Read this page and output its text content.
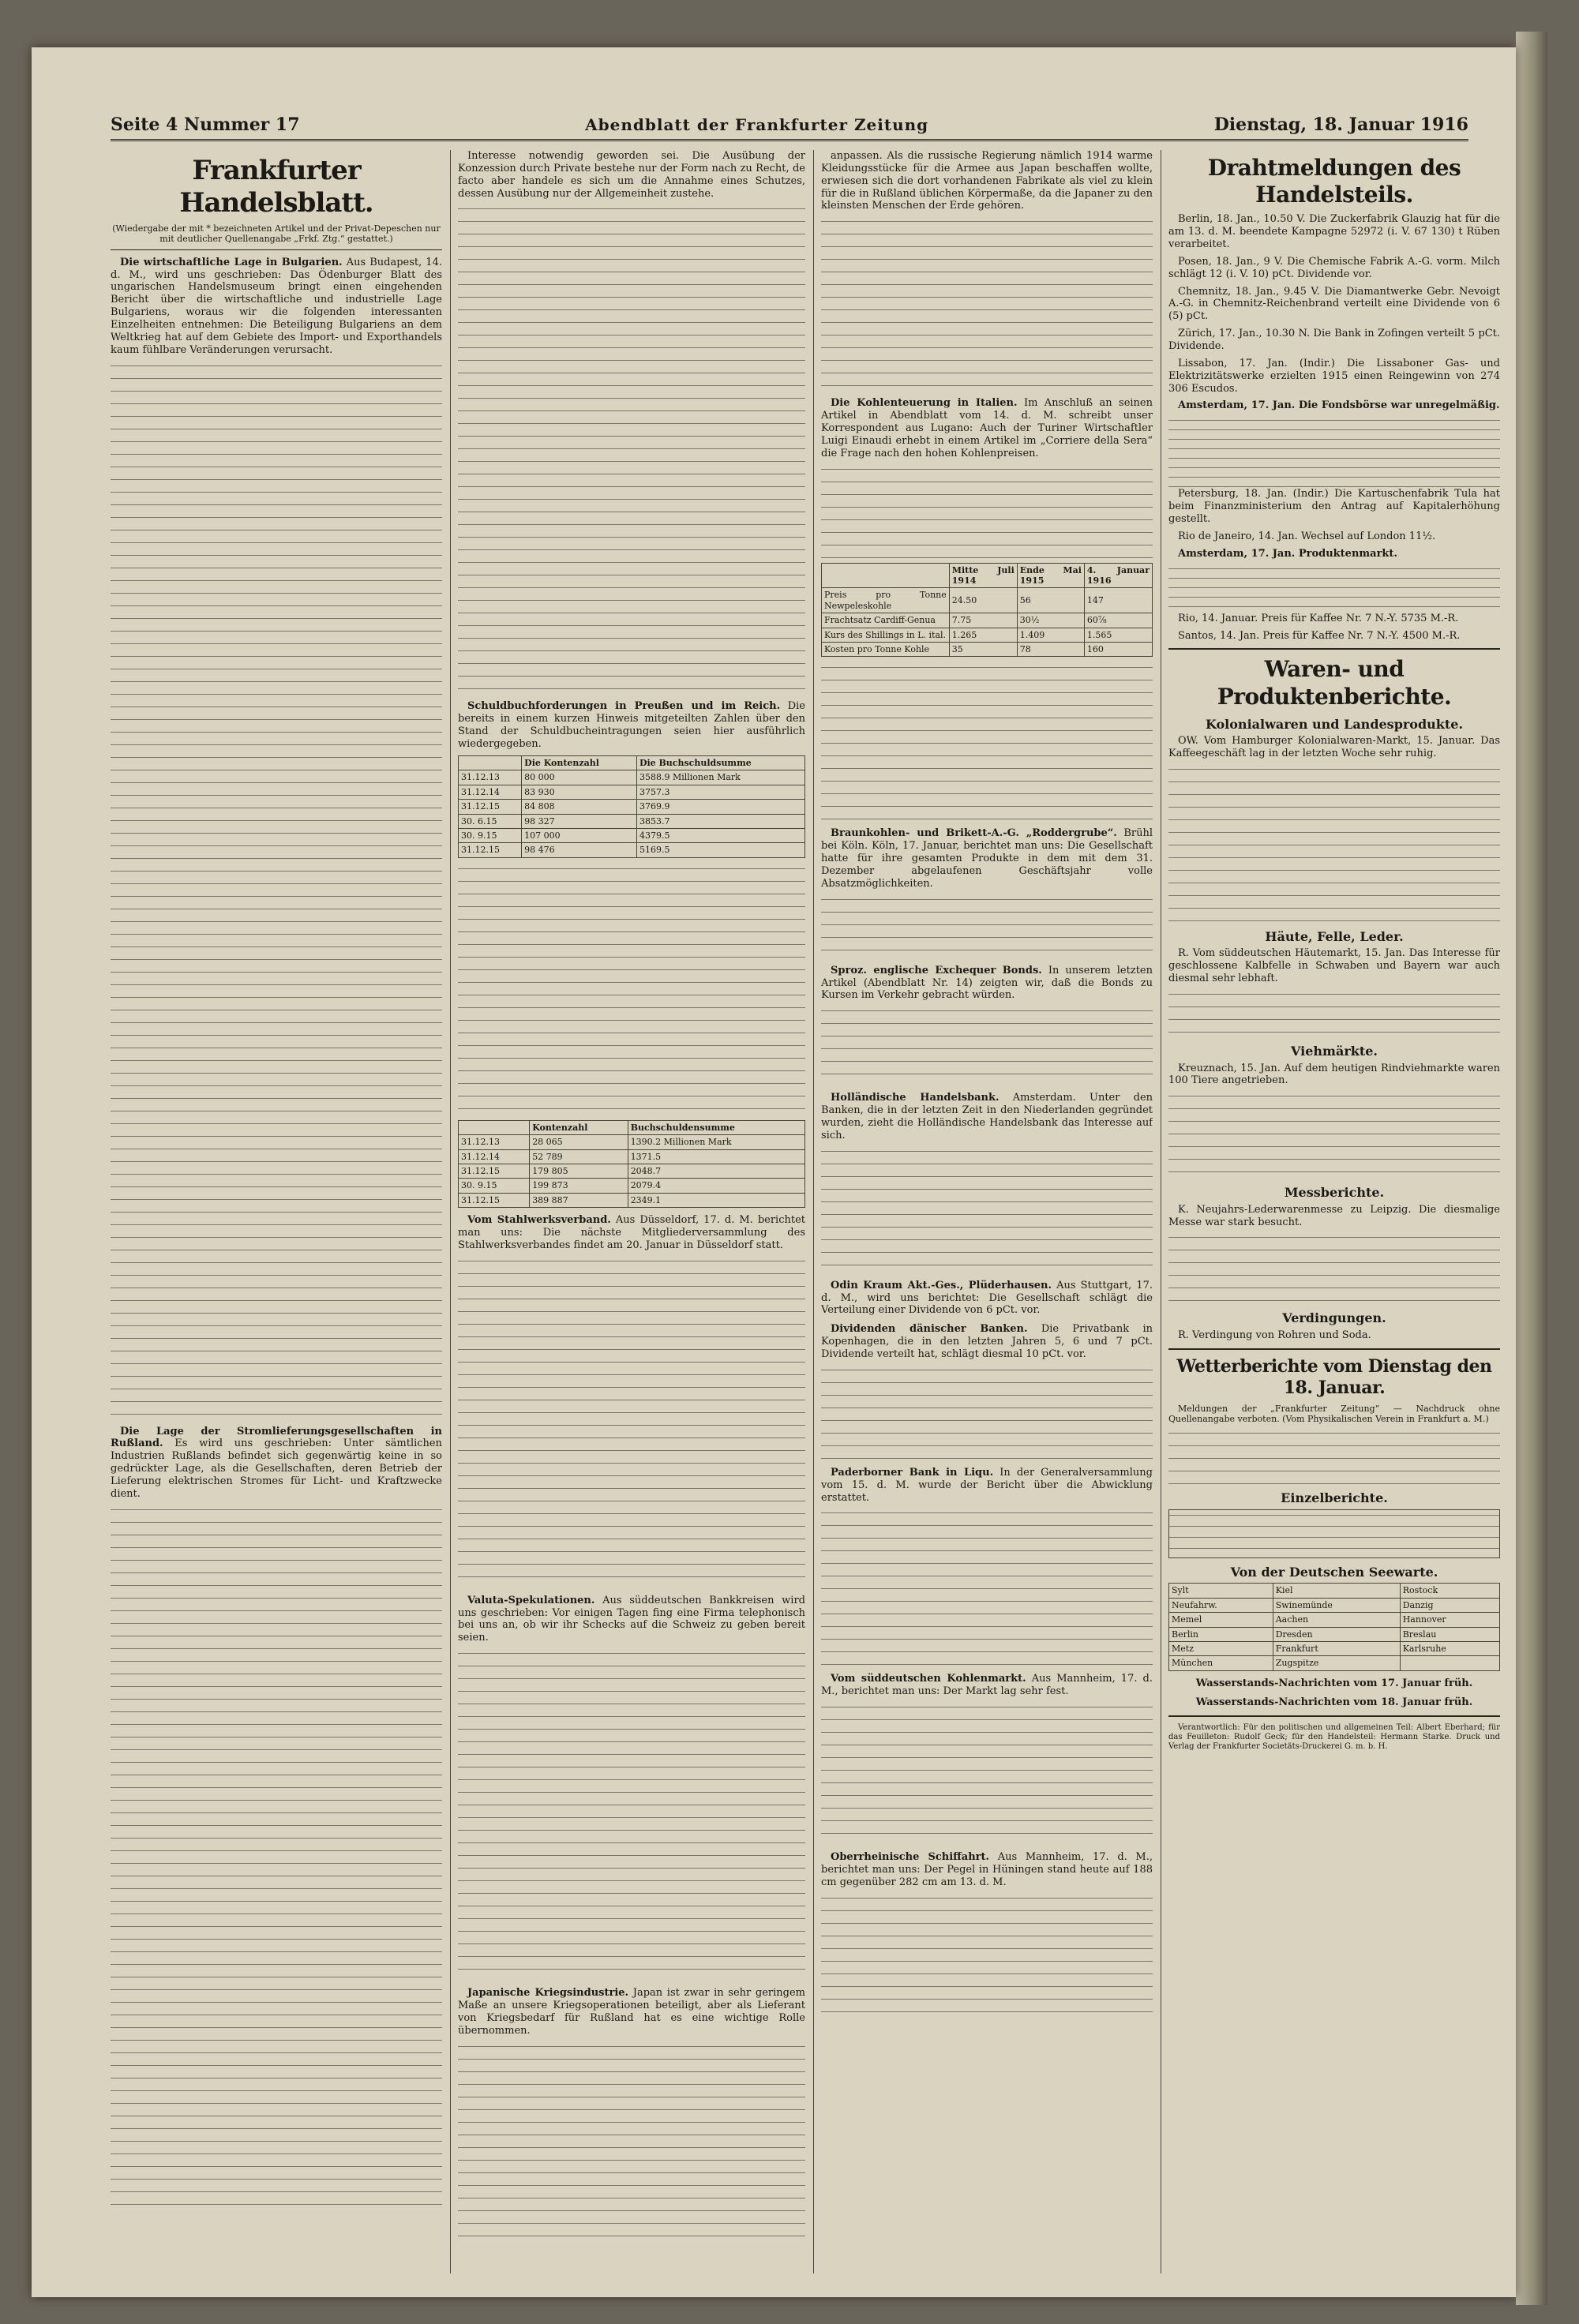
Seite 4 Nummer 17	Abendblatt der Frankfurter Zeitung	Dienstag, 18. Januar 1916
Frankfurter Handelsblatt.
(Wiedergabe der mit * bezeichneten Artikel und der Privat-Depeschen nur mit deutlicher Quellenangabe „Frkf. Ztg.“ gestattet.)

Die wirtschaftliche Lage in Bulgarien. Aus Budapest, 14. d. M., wird uns geschrieben: Das Ödenburger Blatt des ungarischen Handelsmuseum bringt einen eingehenden Bericht über die wirtschaftliche und industrielle Lage Bulgariens, woraus wir die folgenden interessanten Einzelheiten entnehmen: Die Beteiligung Bulgariens an dem Weltkrieg hat auf dem Gebiete des Import- und Exporthandels kaum fühlbare Veränderungen verursacht.

Die Lage der Stromlieferungsgesellschaften in Rußland. Es wird uns geschrieben: Unter sämtlichen Industrien Rußlands befindet sich gegenwärtig keine in so gedrückter Lage, als die Gesellschaften, deren Betrieb der Lieferung elektrischen Stromes für Licht- und Kraftzwecke dient.

Interesse notwendig geworden sei. Die Ausübung der Konzession durch Private bestehe nur der Form nach zu Recht, de facto aber handele es sich um die Annahme eines Schutzes, dessen Ausübung nur der Allgemeinheit zustehe.

Schuldbuchforderungen in Preußen und im Reich. Die bereits in einem kurzen Hinweis mitgeteilten Zahlen über den Stand der Schuldbucheintragungen seien hier ausführlich wiedergegeben.

	Die Kontenzahl	Die Buchschuldsumme
31.12.13	80 000	3588.9 Millionen Mark
31.12.14	83 930	3757.3
31.12.15	84 808	3769.9
30. 6.15	98 327	3853.7
30. 9.15	107 000	4379.5
31.12.15	98 476	5169.5
	Kontenzahl	Buchschuldensumme
31.12.13	28 065	1390.2 Millionen Mark
31.12.14	52 789	1371.5
31.12.15	179 805	2048.7
30. 9.15	199 873	2079.4
31.12.15	389 887	2349.1

Vom Stahlwerksverband. Aus Düsseldorf, 17. d. M. berichtet man uns: Die nächste Mitgliederversammlung des Stahlwerksverbandes findet am 20. Januar in Düsseldorf statt.

Valuta-Spekulationen. Aus süddeutschen Bankkreisen wird uns geschrieben: Vor einigen Tagen fing eine Firma telephonisch bei uns an, ob wir ihr Schecks auf die Schweiz zu geben bereit seien.

Japanische Kriegsindustrie. Japan ist zwar in sehr geringem Maße an unsere Kriegsoperationen beteiligt, aber als Lieferant von Kriegsbedarf für Rußland hat es eine wichtige Rolle übernommen.

anpassen. Als die russische Regierung nämlich 1914 warme Kleidungsstücke für die Armee aus Japan beschaffen wollte, erwiesen sich die dort vorhandenen Fabrikate als viel zu klein für die in Rußland üblichen Körpermaße, da die Japaner zu den kleinsten Menschen der Erde gehören.

Die Kohlenteuerung in Italien. Im Anschluß an seinen Artikel in Abendblatt vom 14. d. M. schreibt unser Korrespondent aus Lugano: Auch der Turiner Wirtschaftler Luigi Einaudi erhebt in einem Artikel im „Corriere della Sera“ die Frage nach den hohen Kohlenpreisen.

	Mitte Juli 1914	Ende Mai 1915	4. Januar 1916
Preis pro Tonne Newpeleskohle	24.50	56	147
Frachtsatz Cardiff-Genua	7.75	30½	60⅞
Kurs des Shillings in L. ital.	1.265	1.409	1.565
Kosten pro Tonne Kohle	35	78	160

Braunkohlen- und Brikett-A.-G. „Roddergrube“. Brühl bei Köln. Köln, 17. Januar, berichtet man uns: Die Gesellschaft hatte für ihre gesamten Produkte in dem mit dem 31. Dezember abgelaufenen Geschäftsjahr volle Absatzmöglichkeiten.

Sproz. englische Exchequer Bonds. In unserem letzten Artikel (Abendblatt Nr. 14) zeigten wir, daß die Bonds zu Kursen im Verkehr gebracht würden.

Holländische Handelsbank. Amsterdam. Unter den Banken, die in der letzten Zeit in den Niederlanden gegründet wurden, zieht die Holländische Handelsbank das Interesse auf sich.

Odin Kraum Akt.-Ges., Plüderhausen. Aus Stuttgart, 17. d. M., wird uns berichtet: Die Gesellschaft schlägt die Verteilung einer Dividende von 6 pCt. vor.

Dividenden dänischer Banken. Die Privatbank in Kopenhagen, die in den letzten Jahren 5, 6 und 7 pCt. Dividende verteilt hat, schlägt diesmal 10 pCt. vor.

Paderborner Bank in Liqu. In der Generalversammlung vom 15. d. M. wurde der Bericht über die Abwicklung erstattet.

Vom süddeutschen Kohlenmarkt. Aus Mannheim, 17. d. M., berichtet man uns: Der Markt lag sehr fest.

Oberrheinische Schiffahrt. Aus Mannheim, 17. d. M., berichtet man uns: Der Pegel in Hüningen stand heute auf 188 cm gegenüber 282 cm am 13. d. M.

Drahtmeldungen des Handelsteils.

Berlin, 18. Jan., 10.50 V. Die Zuckerfabrik Glauzig hat für die am 13. d. M. beendete Kampagne 52972 (i. V. 67 130) t Rüben verarbeitet.

Posen, 18. Jan., 9 V. Die Chemische Fabrik A.-G. vorm. Milch schlägt 12 (i. V. 10) pCt. Dividende vor.

Chemnitz, 18. Jan., 9.45 V. Die Diamantwerke Gebr. Nevoigt A.-G. in Chemnitz-Reichenbrand verteilt eine Dividende von 6 (5) pCt.

Zürich, 17. Jan., 10.30 N. Die Bank in Zofingen verteilt 5 pCt. Dividende.

Lissabon, 17. Jan. (Indir.) Die Lissaboner Gas- und Elektrizitätswerke erzielten 1915 einen Reingewinn von 274 306 Escudos.

Amsterdam, 17. Jan. Die Fondsbörse war unregelmäßig.

Petersburg, 18. Jan. (Indir.) Die Kartuschenfabrik Tula hat beim Finanzministerium den Antrag auf Kapitalerhöhung gestellt.

Rio de Janeiro, 14. Jan. Wechsel auf London 11½.

Amsterdam, 17. Jan. Produktenmarkt.

Rio, 14. Januar. Preis für Kaffee Nr. 7 N.-Y. 5735 M.-R.

Santos, 14. Jan. Preis für Kaffee Nr. 7 N.-Y. 4500 M.-R.

Waren- und Produktenberichte.
Kolonialwaren und Landesprodukte.

OW. Vom Hamburger Kolonialwaren-Markt, 15. Januar. Das Kaffeegeschäft lag in der letzten Woche sehr ruhig.

Häute, Felle, Leder.

R. Vom süddeutschen Häutemarkt, 15. Jan. Das Interesse für geschlossene Kalbfelle in Schwaben und Bayern war auch diesmal sehr lebhaft.

Viehmärkte.

Kreuznach, 15. Jan. Auf dem heutigen Rindviehmarkte waren 100 Tiere angetrieben.

Messberichte.

K. Neujahrs-Lederwarenmesse zu Leipzig. Die diesmalige Messe war stark besucht.

Verdingungen.

R. Verdingung von Rohren und Soda.

Wetterberichte vom Dienstag den 18. Januar.

Meldungen der „Frankfurter Zeitung“ — Nachdruck ohne Quellenangabe verboten. (Vom Physikalischen Verein in Frankfurt a. M.)

Einzelberichte.
Von der Deutschen Seewarte.
Sylt	Kiel	Rostock
Neufahrw.	Swinemünde	Danzig
Memel	Aachen	Hannover
Berlin	Dresden	Breslau
Metz	Frankfurt	Karlsruhe
München	Zugspitze	
Wasserstands-Nachrichten vom 17. Januar früh.
Wasserstands-Nachrichten vom 18. Januar früh.

Verantwortlich: Für den politischen und allgemeinen Teil: Albert Eberhard; für das Feuilleton: Rudolf Geck; für den Handelsteil: Hermann Starke. Druck und Verlag der Frankfurter Societäts-Druckerei G. m. b. H.
